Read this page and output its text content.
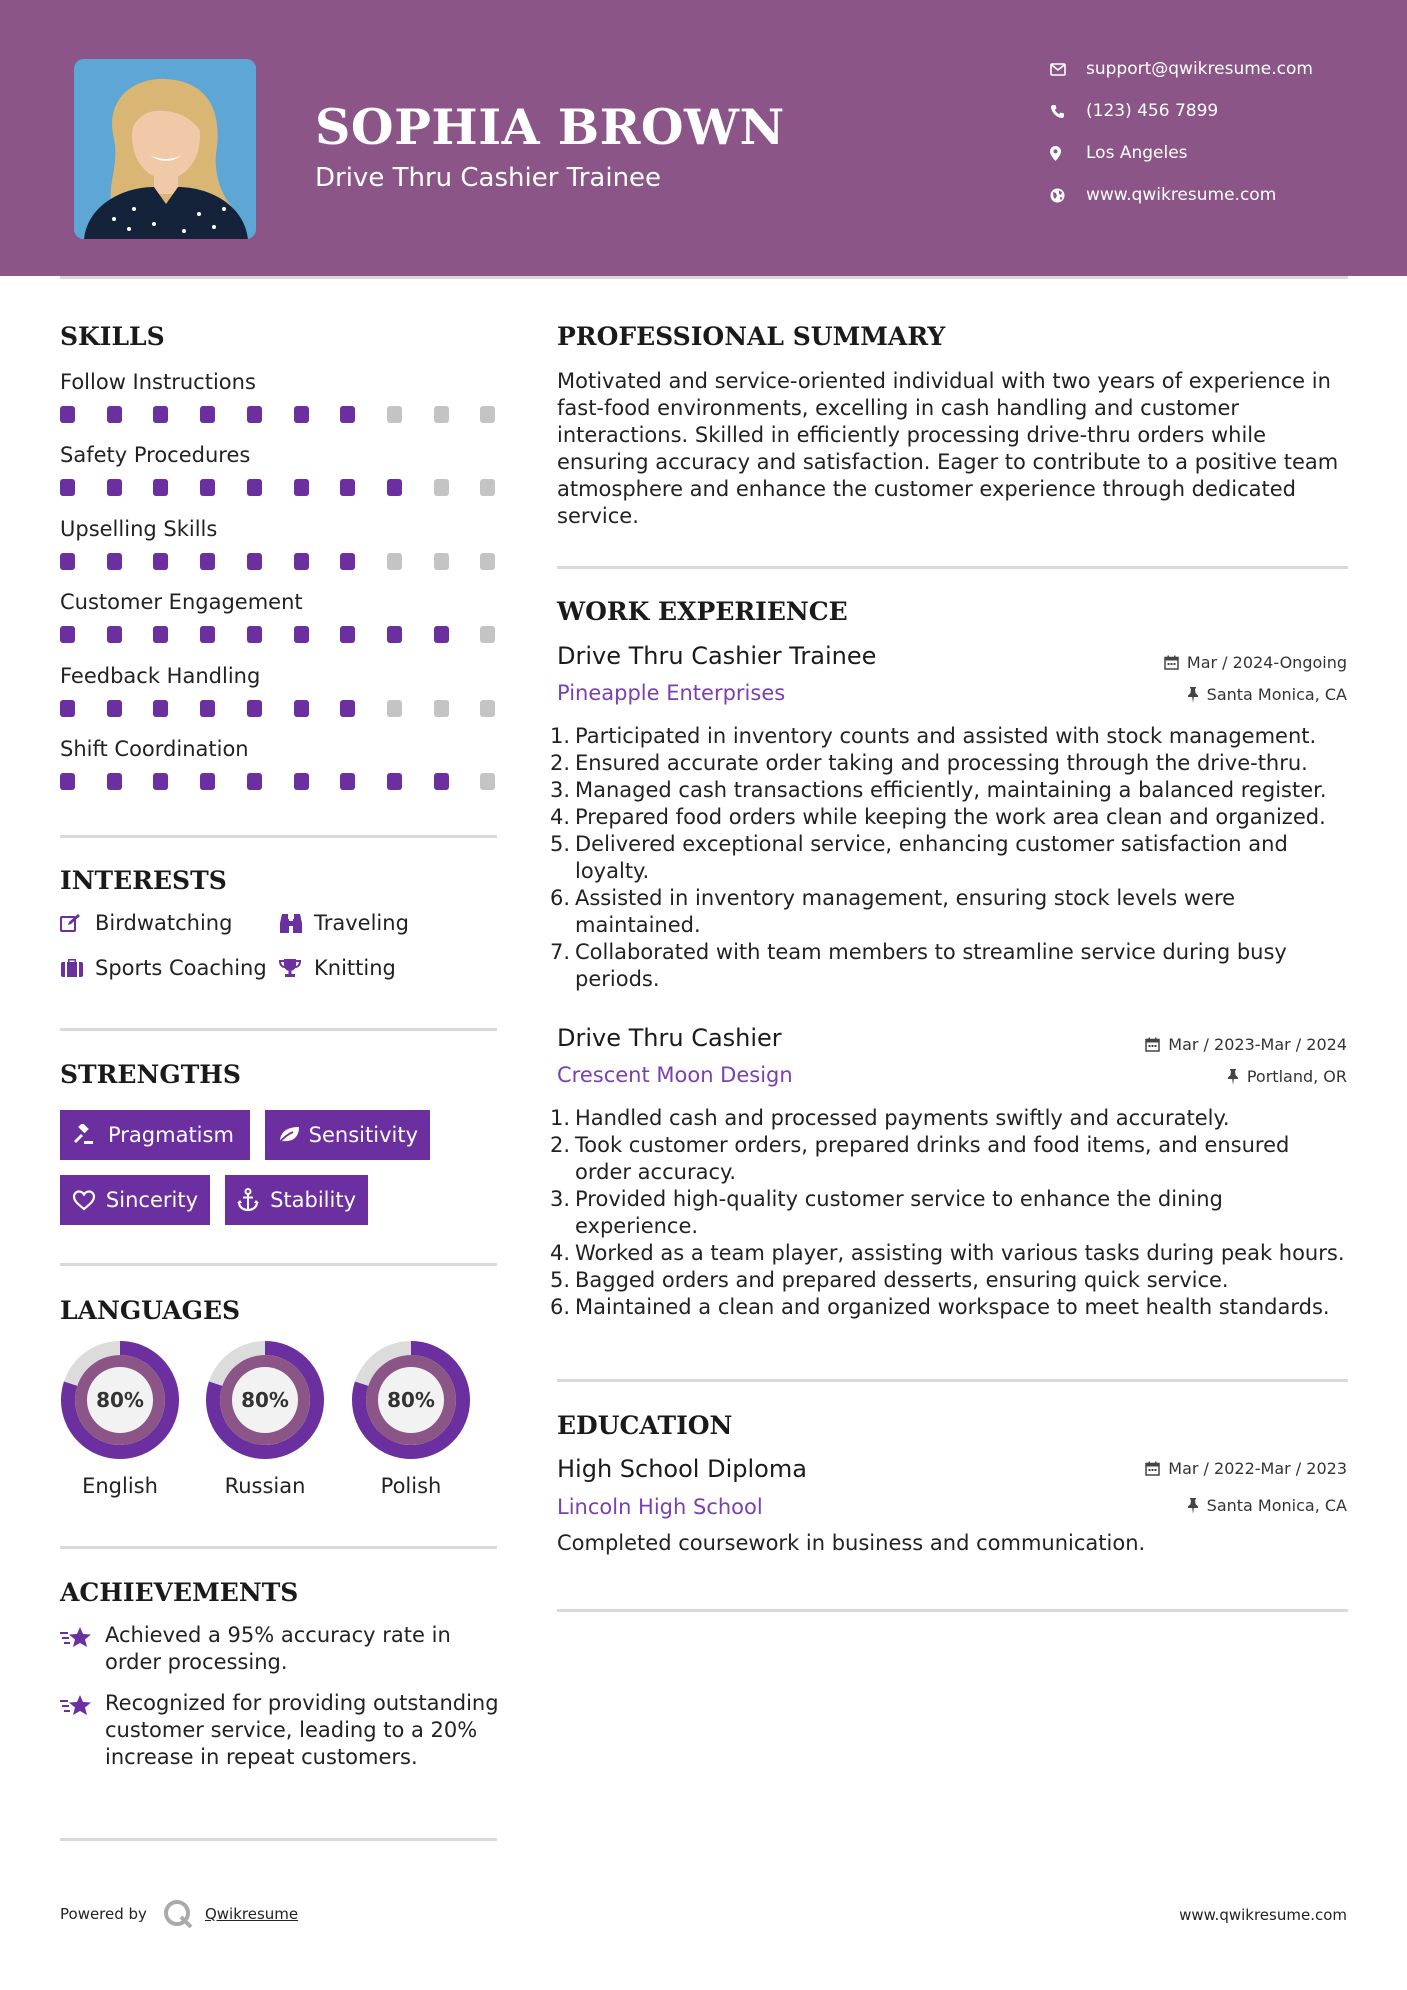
SOPHIA BROWN
Drive Thru Cashier Trainee
support@qwikresume.com
(123) 456 7899
Los Angeles
www.qwikresume.com
SKILLS
Follow Instructions
Safety Procedures
Upselling Skills
Customer Engagement
Feedback Handling
Shift Coordination
INTERESTS
Birdwatching	Traveling
Sports Coaching Knitting
STRENGTHS
Pragmatism	Sensitivity
Sincerity	Stability
LANGUAGES
80%
English
80%
Russian
80%
Polish
ACHIEVEMENTS
Achieved a 95% accuracy rate in order processing.
Recognized for providing outstanding customer service, leading to a 20% increase in repeat customers.
PROFESSIONAL SUMMARY
Motivated and service-oriented individual with two years of experience in fast-food environments, excelling in cash handling and customer interactions. Skilled in efficiently processing drive-thru orders while ensuring accuracy and satisfaction. Eager to contribute to a positive team atmosphere and enhance the customer experience through dedicated service.
WORK EXPERIENCE
Drive Thru Cashier Trainee	Mar / 2024-Ongoing
Pineapple Enterprises	Santa Monica, CA
1. Participated in inventory counts and assisted with stock management.
2. Ensured accurate order taking and processing through the drive-thru.
3. Managed cash transactions efficiently, maintaining a balanced register.
4. Prepared food orders while keeping the work area clean and organized.
5. Delivered exceptional service, enhancing customer satisfaction and loyalty.
6. Assisted in inventory management, ensuring stock levels were maintained.
7. Collaborated with team members to streamline service during busy periods.
Drive Thru Cashier	Mar / 2023-Mar / 2024
Crescent Moon Design	Portland, OR
1. Handled cash and processed payments swiftly and accurately.
2. Took customer orders, prepared drinks and food items, and ensured order accuracy.
3. Provided high-quality customer service to enhance the dining experience.
4. Worked as a team player, assisting with various tasks during peak hours.
5. Bagged orders and prepared desserts, ensuring quick service.
6. Maintained a clean and organized workspace to meet health standards.
EDUCATION
High School Diploma	Mar / 2022-Mar / 2023
Lincoln High School	Santa Monica, CA
Completed coursework in business and communication.
Powered by	Qwikresume	www.qwikresume.com
